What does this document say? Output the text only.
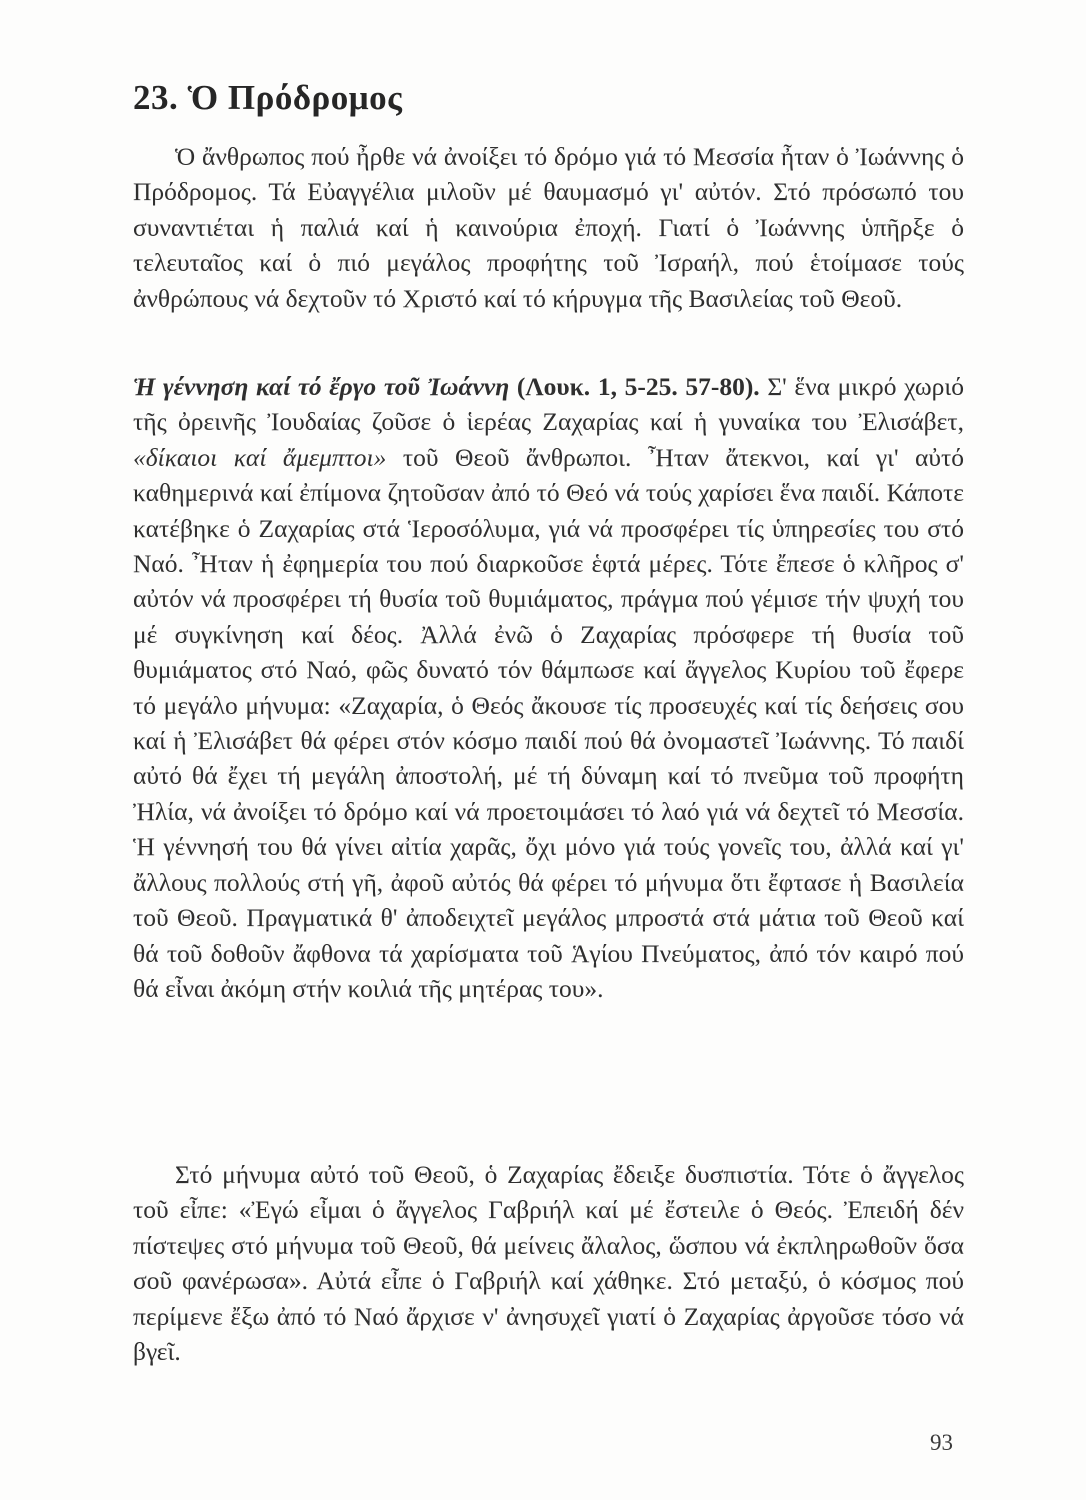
23. Ὁ Πρόδρομος

Ὁ ἄνθρωπος πού ἦρθε νά ἀνοίξει τό δρόμο γιά τό Μεσσία ἦταν ὁ Ἰωάννης ὁ Πρόδρομος. Τά Εὐαγγέλια μιλοῦν μέ θαυμασμό γι' αὐτόν. Στό πρόσωπό του συναντιέται ἡ παλιά καί ἡ καινούρια ἐποχή. Γιατί ὁ Ἰωάννης ὑπῆρξε ὁ τελευταῖος καί ὁ πιό μεγάλος προφήτης τοῦ Ἰσραήλ, πού ἑτοίμασε τούς ἀνθρώπους νά δεχτοῦν τό Χριστό καί τό κήρυγμα τῆς Βασιλείας τοῦ Θεοῦ.

Ἡ γέννηση καί τό ἔργο τοῦ Ἰωάννη (Λουκ. 1, 5-25. 57-80). Σ' ἕνα μικρό χωριό τῆς ὀρεινῆς Ἰουδαίας ζοῦσε ὁ ἱερέας Ζαχαρίας καί ἡ γυναίκα του Ἐλισάβετ, «δίκαιοι καί ἄμεμπτοι» τοῦ Θεοῦ ἄνθρωποι. Ἦταν ἄτεκνοι, καί γι' αὐτό καθημερινά καί ἐπίμονα ζητοῦσαν ἀπό τό Θεό νά τούς χαρίσει ἕνα παιδί. Κάποτε κατέβηκε ὁ Ζαχαρίας στά Ἱεροσόλυμα, γιά νά προσφέρει τίς ὑπηρεσίες του στό Ναό. Ἦταν ἡ ἐφημερία του πού διαρκοῦσε ἑφτά μέρες. Τότε ἔπεσε ὁ κλῆρος σ' αὐτόν νά προσφέρει τή θυσία τοῦ θυμιάματος, πράγμα πού γέμισε τήν ψυχή του μέ συγκίνηση καί δέος. Ἀλλά ἐνῶ ὁ Ζαχαρίας πρόσφερε τή θυσία τοῦ θυμιάματος στό Ναό, φῶς δυνατό τόν θάμπωσε καί ἄγγελος Κυρίου τοῦ ἔφερε τό μεγάλο μήνυμα: «Ζαχαρία, ὁ Θεός ἄκουσε τίς προσευχές καί τίς δεήσεις σου καί ἡ Ἐλισάβετ θά φέρει στόν κόσμο παιδί πού θά ὀνομαστεῖ Ἰωάννης. Τό παιδί αὐτό θά ἔχει τή μεγάλη ἀποστολή, μέ τή δύναμη καί τό πνεῦμα τοῦ προφήτη Ἠλία, νά ἀνοίξει τό δρόμο καί νά προετοιμάσει τό λαό γιά νά δεχτεῖ τό Μεσσία. Ἡ γέννησή του θά γίνει αἰτία χαρᾶς, ὄχι μόνο γιά τούς γονεῖς του, ἀλλά καί γι' ἄλλους πολλούς στή γῆ, ἀφοῦ αὐτός θά φέρει τό μήνυμα ὅτι ἔφτασε ἡ Βασιλεία τοῦ Θεοῦ. Πραγματικά θ' ἀποδειχτεῖ μεγάλος μπροστά στά μάτια τοῦ Θεοῦ καί θά τοῦ δοθοῦν ἄφθονα τά χαρίσματα τοῦ Ἁγίου Πνεύματος, ἀπό τόν καιρό πού θά εἶναι ἀκόμη στήν κοιλιά τῆς μητέρας του».

Στό μήνυμα αὐτό τοῦ Θεοῦ, ὁ Ζαχαρίας ἔδειξε δυσπιστία. Τότε ὁ ἄγγελος τοῦ εἶπε: «Ἐγώ εἶμαι ὁ ἄγγελος Γαβριήλ καί μέ ἔστειλε ὁ Θεός. Ἐπειδή δέν πίστεψες στό μήνυμα τοῦ Θεοῦ, θά μείνεις ἄλαλος, ὥσπου νά ἐκπληρωθοῦν ὅσα σοῦ φανέρωσα». Αὐτά εἶπε ὁ Γαβριήλ καί χάθηκε. Στό μεταξύ, ὁ κόσμος πού περίμενε ἔξω ἀπό τό Ναό ἄρχισε ν' ἀνησυχεῖ γιατί ὁ Ζαχαρίας ἀργοῦσε τόσο νά βγεῖ.

93
